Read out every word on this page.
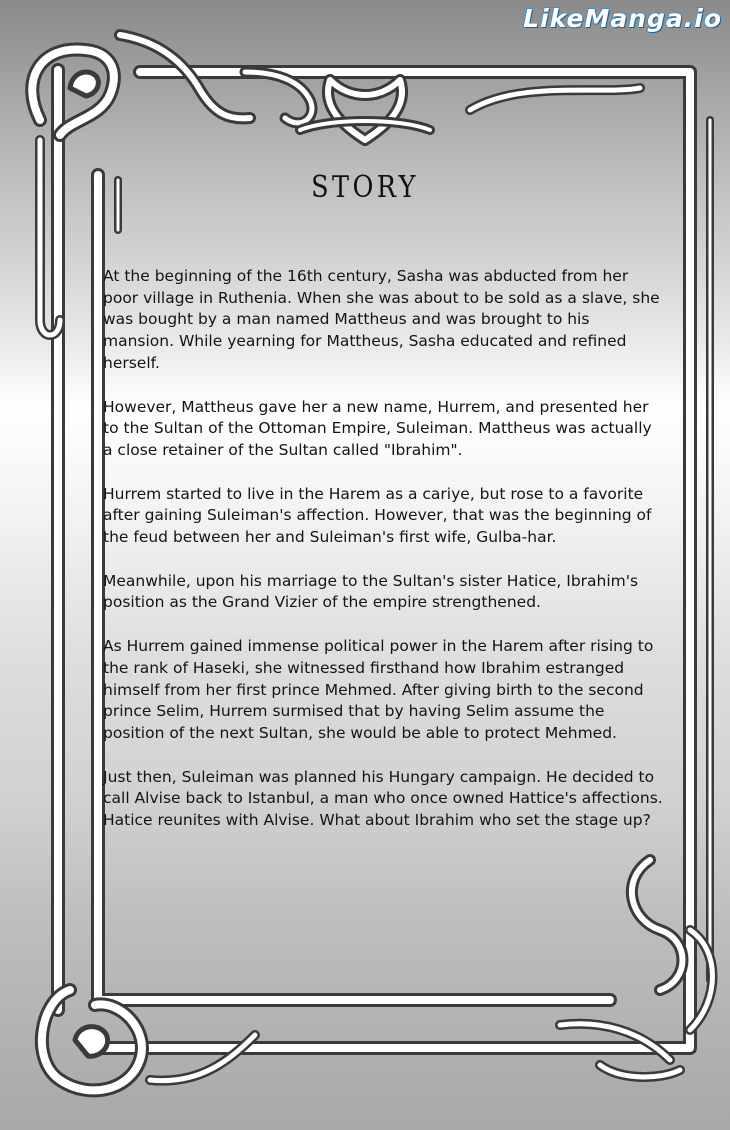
LikeManga.io
STORY

At the beginning of the 16th century, Sasha was abducted from her poor village in Ruthenia. When she was about to be sold as a slave, she was bought by a man named Mattheus and was brought to his mansion. While yearning for Mattheus, Sasha educated and refined herself.

However, Mattheus gave her a new name, Hurrem, and presented her to the Sultan of the Ottoman Empire, Suleiman. Mattheus was actually a close retainer of the Sultan called "Ibrahim".

Hurrem started to live in the Harem as a cariye, but rose to a favorite after gaining Suleiman's affection. However, that was the beginning of the feud between her and Suleiman's first wife, Gulba-har.

Meanwhile, upon his marriage to the Sultan's sister Hatice, Ibrahim's position as the Grand Vizier of the empire strengthened.

As Hurrem gained immense political power in the Harem after rising to the rank of Haseki, she witnessed firsthand how Ibrahim estranged himself from her first prince Mehmed. After giving birth to the second prince Selim, Hurrem surmised that by having Selim assume the position of the next Sultan, she would be able to protect Mehmed.

Just then, Suleiman was planned his Hungary campaign. He decided to call Alvise back to Istanbul, a man who once owned Hattice's affections. Hatice reunites with Alvise. What about Ibrahim who set the stage up?
